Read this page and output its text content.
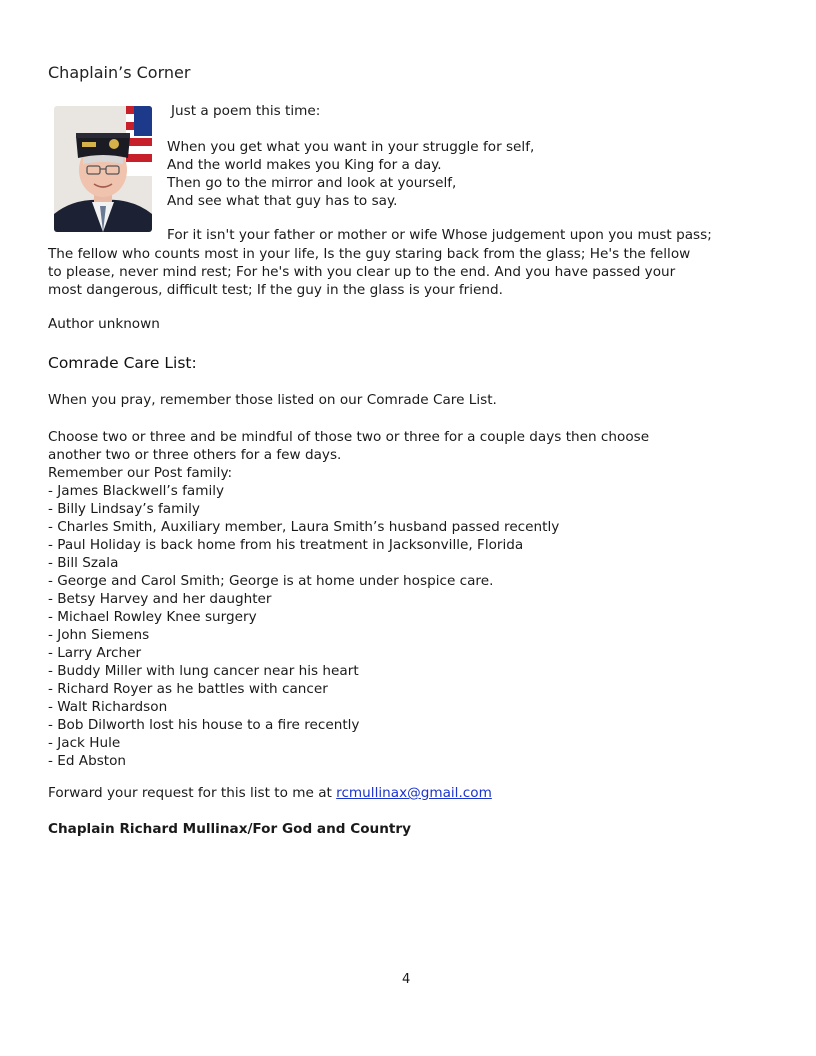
Chaplain’s Corner
Just a poem this time:
When you get what you want in your struggle for self,
And the world makes you King for a day.
Then go to the mirror and look at yourself,
And see what that guy has to say.
For it isn't your father or mother or wife Whose judgement upon you must pass;
The fellow who counts most in your life, Is the guy staring back from the glass; He's the fellow
to please, never mind rest; For he's with you clear up to the end. And you have passed your
most dangerous, difficult test; If the guy in the glass is your friend.
Author unknown
Comrade Care List:
When you pray, remember those listed on our Comrade Care List.
Choose two or three and be mindful of those two or three for a couple days then choose
another two or three others for a few days.
Remember our Post family:
- James Blackwell’s family
- Billy Lindsay’s family
- Charles Smith, Auxiliary member, Laura Smith’s husband passed recently
- Paul Holiday is back home from his treatment in Jacksonville, Florida
- Bill Szala
- George and Carol Smith; George is at home under hospice care.
- Betsy Harvey and her daughter
- Michael Rowley Knee surgery
- John Siemens
- Larry Archer
- Buddy Miller with lung cancer near his heart
- Richard Royer as he battles with cancer
- Walt Richardson
- Bob Dilworth lost his house to a fire recently
- Jack Hule
- Ed Abston
Forward your request for this list to me at rcmullinax@gmail.com
Chaplain Richard Mullinax/For God and Country
4
